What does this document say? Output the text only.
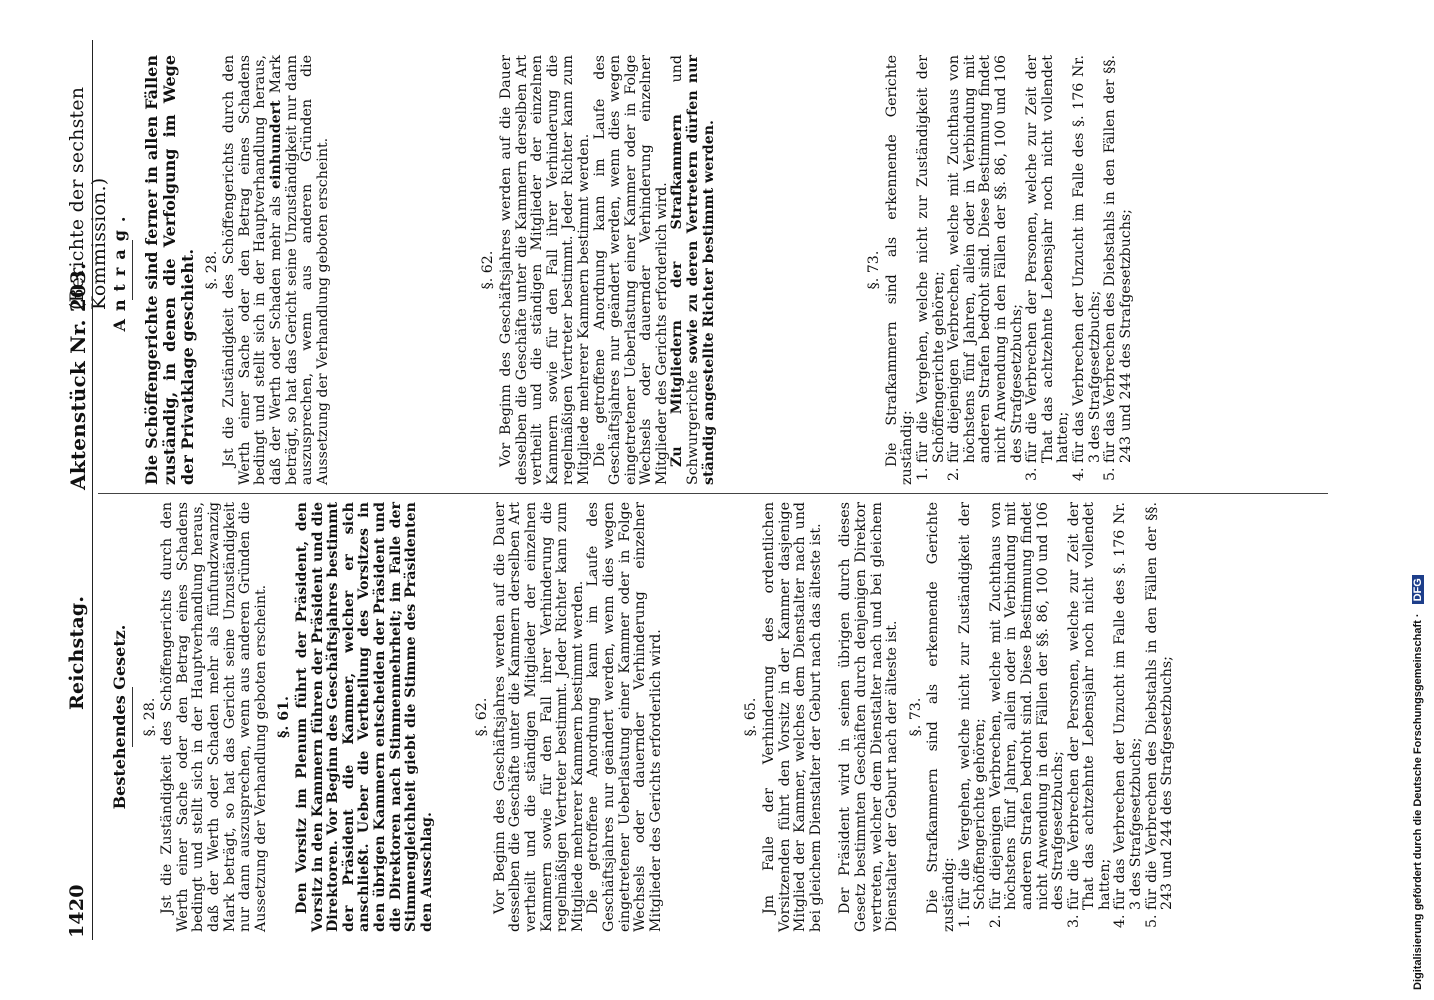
1420
Reichstag.
Aktenstück Nr. 203.
(Berichte der sechsten Kommission.)
Bestehendes Gesetz. §. 28. Jst die Zuständigkeit des Schöffengerichts durch den Werth einer Sache oder den Betrag eines Schadens bedingt und stellt sich in der Hauptverhandlung heraus, daß der Werth oder Schaden mehr als fünfundzwanzig Mark beträgt, so hat das Gericht seine Unzuständigkeit nur dann auszusprechen, wenn aus anderen Gründen die Aussetzung der Verhandlung geboten erscheint. §. 61. Den Vorsitz im Plenum führt der Präsident, den Vorsitz in den Kammern führen der Präsident und die Direktoren. Vor Beginn des Geschäftsjahres bestimmt der Präsident die Kammer, welcher er sich anschließt. Ueber die Vertheilung des Vorsitzes in den übrigen Kammern entscheiden der Präsident und die Direktoren nach Stimmenmehrheit; im Falle der Stimmengleichheit giebt die Stimme des Präsidenten den Ausschlag.

§. 62. Vor Beginn des Geschäftsjahres werden auf die Dauer desselben die Geschäfte unter die Kammern derselben Art vertheilt und die ständigen Mitglieder der einzelnen Kammern sowie für den Fall ihrer Verhinderung die regelmäßigen Vertreter bestimmt. Jeder Richter kann zum Mitgliede mehrerer Kammern bestimmt werden. Die getroffene Anordnung kann im Laufe des Geschäftsjahres nur geändert werden, wenn dies wegen eingetretener Ueberlastung einer Kammer oder in Folge Wechsels oder dauernder Verhinderung einzelner Mitglieder des Gerichts erforderlich wird.	§. 65. Jm Falle der Verhinderung des ordentlichen Vorsitzenden führt den Vorsitz in der Kammer dasjenige Mitglied der Kammer, welches dem Dienstalter nach und bei gleichem Dienstalter der Geburt nach das älteste ist. Der Präsident wird in seinen übrigen durch dieses Gesetz bestimmten Geschäften durch denjenigen Direktor vertreten, welcher dem Dienstalter nach und bei gleichem Dienstalter der Geburt nach der älteste ist. §. 73. Die Strafkammern sind als erkennende Gerichte zuständig: 1. für die Vergehen, welche nicht zur Zuständigkeit der Schöffengerichte gehören; 2. für diejenigen Verbrechen, welche mit Zuchthaus von höchstens fünf Jahren, allein oder in Verbindung mit anderen Strafen bedroht sind. Diese Bestimmung findet nicht Anwendung in den Fällen der §§. 86, 100 und 106 des Strafgesetzbuchs; 3. für die Verbrechen der Personen, welche zur Zeit der That das achtzehnte Lebensjahr noch nicht vollendet hatten; 4. für das Verbrechen der Unzucht im Falle des §. 176 Nr. 3 des Strafgesetzbuchs; 5. für die Verbrechen des Diebstahls in den Fällen der §§. 243 und 244 des Strafgesetzbuchs;
Antrag. Die Schöffengerichte sind ferner in allen Fällen zuständig, in denen die Verfolgung im Wege der Privatklage geschieht. §. 28. Jst die Zuständigkeit des Schöffengerichts durch den Werth einer Sache oder den Betrag eines Schadens bedingt und stellt sich in der Hauptverhandlung heraus, daß der Werth oder Schaden mehr als einhundert Mark beträgt, so hat das Gericht seine Unzuständigkeit nur dann auszusprechen, wenn aus anderen Gründen die Aussetzung der Verhandlung geboten erscheint.	§. 62. Vor Beginn des Geschäftsjahres werden auf die Dauer desselben die Geschäfte unter die Kammern derselben Art vertheilt und die ständigen Mitglieder der einzelnen Kammern sowie für den Fall ihrer Verhinderung die regelmäßigen Vertreter bestimmt. Jeder Richter kann zum Mitgliede mehrerer Kammern bestimmt werden. Die getroffene Anordnung kann im Laufe des Geschäftsjahres nur geändert werden, wenn dies wegen eingetretener Ueberlastung einer Kammer oder in Folge Wechsels oder dauernder Verhinderung einzelner Mitglieder des Gerichts erforderlich wird. Zu Mitgliedern der Strafkammern und Schwurgerichte sowie zu deren Vertretern dürfen nur ständig angestellte Richter bestimmt werden.	§. 73. Die Strafkammern sind als erkennende Gerichte zuständig: 1. für die Vergehen, welche nicht zur Zuständigkeit der Schöffengerichte gehören; 2. für diejenigen Verbrechen, welche mit Zuchthaus von höchstens fünf Jahren, allein oder in Verbindung mit anderen Strafen bedroht sind. Diese Bestimmung findet nicht Anwendung in den Fällen der §§. 86, 100 und 106 des Strafgesetzbuchs; 3. für die Verbrechen der Personen, welche zur Zeit der That das achtzehnte Lebensjahr noch nicht vollendet hatten; 4. für das Verbrechen der Unzucht im Falle des §. 176 Nr. 3 des Strafgesetzbuchs; 5. für das Verbrechen des Diebstahls in den Fällen der §§. 243 und 244 des Strafgesetzbuchs;
Digitalisierung gefördert durch die Deutsche Forschungsgemeinschaft · DFG
